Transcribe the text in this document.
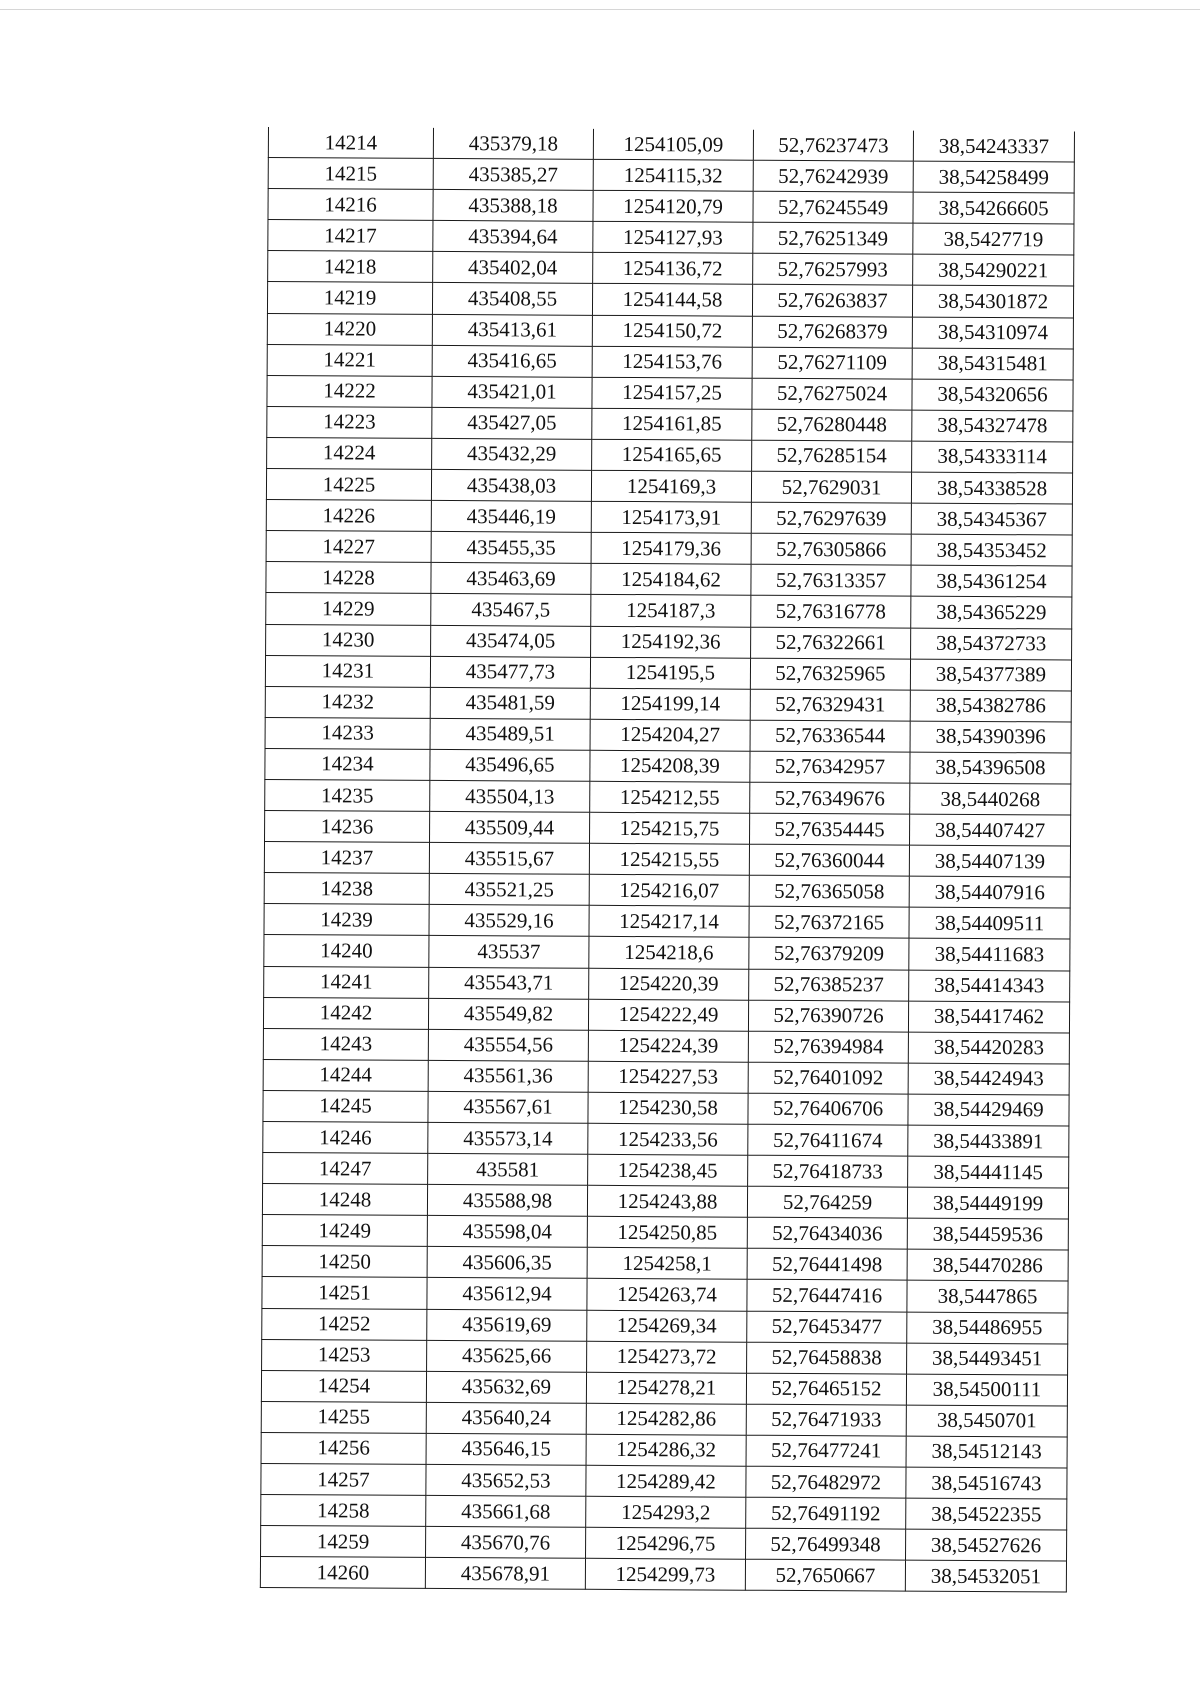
14214	435379,18	1254105,09	52,76237473	38,54243337
14215	435385,27	1254115,32	52,76242939	38,54258499
14216	435388,18	1254120,79	52,76245549	38,54266605
14217	435394,64	1254127,93	52,76251349	38,5427719
14218	435402,04	1254136,72	52,76257993	38,54290221
14219	435408,55	1254144,58	52,76263837	38,54301872
14220	435413,61	1254150,72	52,76268379	38,54310974
14221	435416,65	1254153,76	52,76271109	38,54315481
14222	435421,01	1254157,25	52,76275024	38,54320656
14223	435427,05	1254161,85	52,76280448	38,54327478
14224	435432,29	1254165,65	52,76285154	38,54333114
14225	435438,03	1254169,3	52,7629031	38,54338528
14226	435446,19	1254173,91	52,76297639	38,54345367
14227	435455,35	1254179,36	52,76305866	38,54353452
14228	435463,69	1254184,62	52,76313357	38,54361254
14229	435467,5	1254187,3	52,76316778	38,54365229
14230	435474,05	1254192,36	52,76322661	38,54372733
14231	435477,73	1254195,5	52,76325965	38,54377389
14232	435481,59	1254199,14	52,76329431	38,54382786
14233	435489,51	1254204,27	52,76336544	38,54390396
14234	435496,65	1254208,39	52,76342957	38,54396508
14235	435504,13	1254212,55	52,76349676	38,5440268
14236	435509,44	1254215,75	52,76354445	38,54407427
14237	435515,67	1254215,55	52,76360044	38,54407139
14238	435521,25	1254216,07	52,76365058	38,54407916
14239	435529,16	1254217,14	52,76372165	38,54409511
14240	435537	1254218,6	52,76379209	38,54411683
14241	435543,71	1254220,39	52,76385237	38,54414343
14242	435549,82	1254222,49	52,76390726	38,54417462
14243	435554,56	1254224,39	52,76394984	38,54420283
14244	435561,36	1254227,53	52,76401092	38,54424943
14245	435567,61	1254230,58	52,76406706	38,54429469
14246	435573,14	1254233,56	52,76411674	38,54433891
14247	435581	1254238,45	52,76418733	38,54441145
14248	435588,98	1254243,88	52,764259	38,54449199
14249	435598,04	1254250,85	52,76434036	38,54459536
14250	435606,35	1254258,1	52,76441498	38,54470286
14251	435612,94	1254263,74	52,76447416	38,5447865
14252	435619,69	1254269,34	52,76453477	38,54486955
14253	435625,66	1254273,72	52,76458838	38,54493451
14254	435632,69	1254278,21	52,76465152	38,54500111
14255	435640,24	1254282,86	52,76471933	38,5450701
14256	435646,15	1254286,32	52,76477241	38,54512143
14257	435652,53	1254289,42	52,76482972	38,54516743
14258	435661,68	1254293,2	52,76491192	38,54522355
14259	435670,76	1254296,75	52,76499348	38,54527626
14260	435678,91	1254299,73	52,7650667	38,54532051
